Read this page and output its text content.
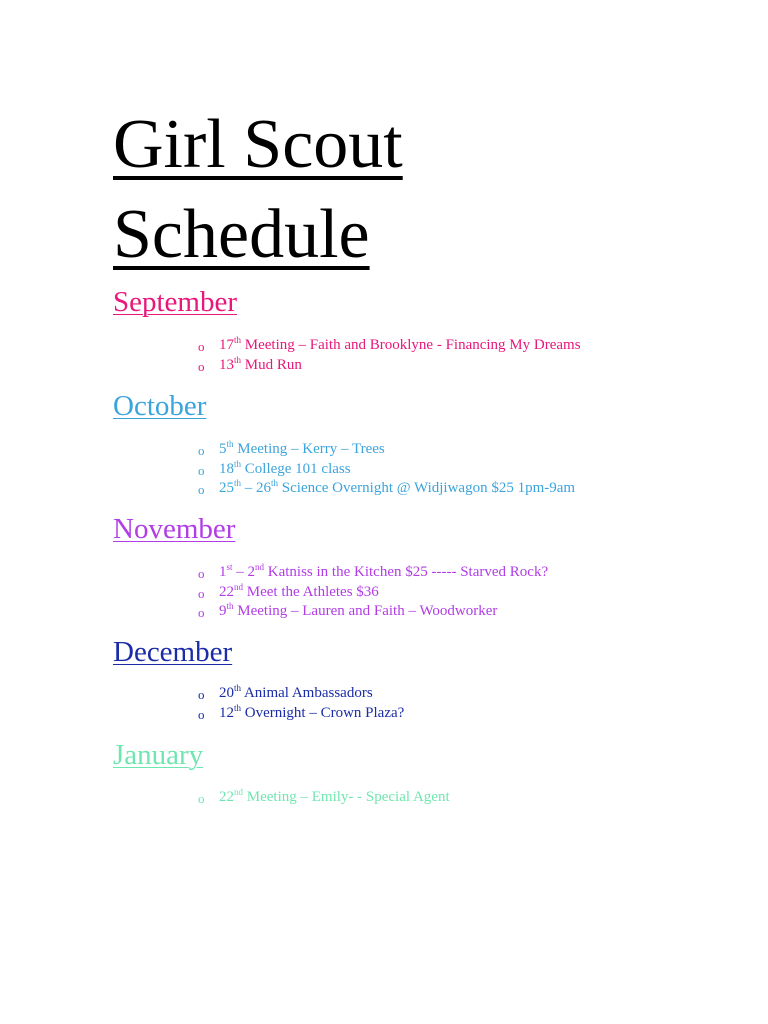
Girl Scout
Schedule
September
o 17th Meeting – Faith and Brooklyne - Financing My Dreams
o 13th Mud Run
October
o 5th Meeting – Kerry – Trees
o 18th College 101 class
o 25th – 26th Science Overnight @ Widjiwagon $25 1pm-9am
November
o 1st – 2nd Katniss in the Kitchen $25 ----- Starved Rock?
o 22nd Meet the Athletes $36
o 9th Meeting – Lauren and Faith – Woodworker
December
o 20th Animal Ambassadors
o 12th Overnight – Crown Plaza?
January
o 22nd Meeting – Emily- - Special Agent
